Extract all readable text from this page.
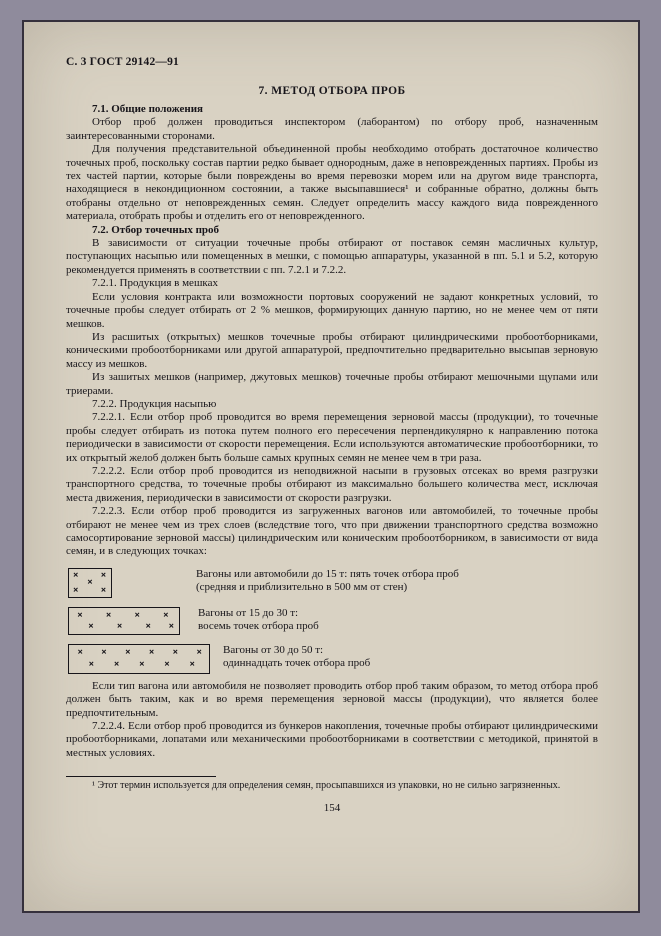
С. 3 ГОСТ 29142—91
7. МЕТОД ОТБОРА ПРОБ
7.1. Общие положения

Отбор проб должен проводиться инспектором (лаборантом) по отбору проб, назначенным заинтересованными сторонами.

Для получения представительной объединенной пробы необходимо отобрать достаточное количество точечных проб, поскольку состав партии редко бывает однородным, даже в неповрежденных партиях. Пробы из тех частей партии, которые были повреждены во время перевозки морем или на другом виде транспорта, находящиеся в некондиционном состоянии, а также высыпавшиеся¹ и собранные обратно, должны быть отобраны отдельно от неповрежденных семян. Следует определить массу каждого вида поврежденного материала, отобрать пробы и отделить его от неповрежденного.

7.2. Отбор точечных проб

В зависимости от ситуации точечные пробы отбирают от поставок семян масличных культур, поступающих насыпью или помещенных в мешки, с помощью аппаратуры, указанной в пп. 5.1 и 5.2, которую рекомендуется применять в соответствии с пп. 7.2.1 и 7.2.2.

7.2.1. Продукция в мешках

Если условия контракта или возможности портовых сооружений не задают конкретных условий, то точечные пробы следует отбирать от 2 % мешков, формирующих данную партию, но не менее чем от пяти мешков.

Из расшитых (открытых) мешков точечные пробы отбирают цилиндрическими пробоотборниками, коническими пробоотборниками или другой аппаратурой, предпочтительно предварительно высыпав зерновую массу из мешков.

Из зашитых мешков (например, джутовых мешков) точечные пробы отбирают мешочными щупами или триерами.

7.2.2. Продукция насыпью

7.2.2.1. Если отбор проб проводится во время перемещения зерновой массы (продукции), то точечные пробы следует отбирать из потока путем полного его пересечения перпендикулярно к направлению потока периодически в зависимости от скорости перемещения. Если используются автоматические пробоотборники, то их открытый желоб должен быть больше самых крупных семян не менее чем в три раза.

7.2.2.2. Если отбор проб проводится из неподвижной насыпи в грузовых отсеках во время разгрузки транспортного средства, то точечные пробы отбирают из максимально большего количества мест, исключая места движения, периодически в зависимости от скорости разгрузки.

7.2.2.3. Если отбор проб проводится из загруженных вагонов или автомобилей, то точечные пробы отбирают не менее чем из трех слоев (вследствие того, что при движении транспортного средства возможно самосортирование зерновой массы) цилиндрическим или коническим пробоотборником, в зависимости от вида семян, и в следующих точках:

× ×
×
× ×
Вагоны или автомобили до 15 т: пять точек отбора проб
(средняя и приблизительно в 500 мм от стен)
×	×	×	×
×	×	× ×
Вагоны от 15 до 30 т:
восемь точек отбора проб
× × × × × ×
× × × × ×
Вагоны от 30 до 50 т:
одиннадцать точек отбора проб

Если тип вагона или автомобиля не позволяет проводить отбор проб таким образом, то метод отбора проб должен быть таким, как и во время перемещения зерновой массы (продукции), что является более предпочтительным.

7.2.2.4. Если отбор проб проводится из бункеров накопления, точечные пробы отбирают цилиндрическими пробоотборниками, лопатами или механическими пробоотборниками в соответствии с методикой, принятой в местных условиях.

¹ Этот термин используется для определения семян, просыпавшихся из упаковки, но не сильно загрязненных.
154
